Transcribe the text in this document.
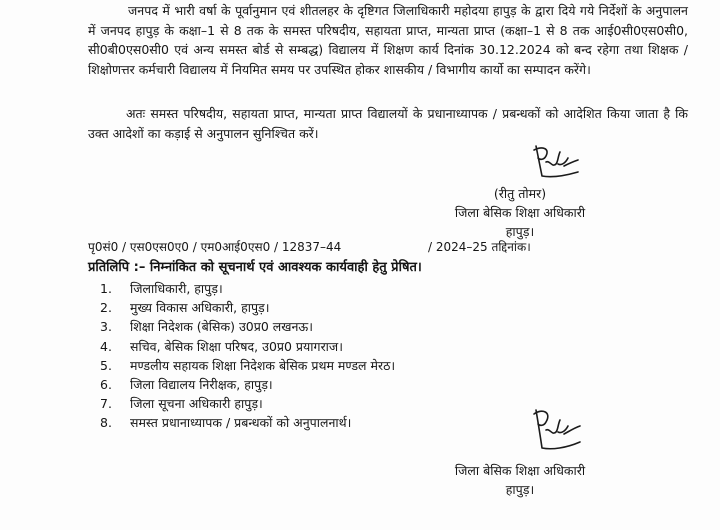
जनपद में भारी वर्षा के पूर्वानुमान एवं शीतलहर के दृष्टिगत जिलाधिकारी महोदया हापुड़ के द्वारा दिये गये निर्देशों के अनुपालन में जनपद हापुड़ के कक्षा–1 से 8 तक के समस्त परिषदीय, सहायता प्राप्त, मान्यता प्राप्त (कक्षा–1 से 8 तक आई0सी0एस0सी0, सी0बी0एस0सी0 एवं अन्य समस्त बोर्ड से सम्बद्ध) विद्यालय में शिक्षण कार्य दिनांक 30.12.2024 को बन्द रहेगा तथा शिक्षक / शिक्षोणत्तर कर्मचारी विद्यालय में नियमित समय पर उपस्थित होकर शासकीय / विभागीय कार्यो का सम्पादन करेंगे।

अतः समस्त परिषदीय, सहायता प्राप्त, मान्यता प्राप्त विद्यालयों के प्रधानाध्यापक / प्रबन्धकों को आदेशित किया जाता है कि उक्त आदेशों का कड़ाई से अनुपालन सुनिश्चित करें।

(रीतु तोमर)
जिला बेसिक शिक्षा अधिकारी
हापुड़।
पृ0सं0 / एस0एस0ए0 / एम0आई0एस0 / 12837–44	/ 2024–25 तद्दिनांक।
प्रतिलिपि :– निम्नांकित को सूचनार्थ एवं आवश्यक कार्यवाही हेतु प्रेषित।
1. जिलाधिकारी, हापुड़।
2. मुख्य विकास अधिकारी, हापुड़।
3. शिक्षा निदेशक (बेसिक) उ0प्र0 लखनऊ।
4. सचिव, बेसिक शिक्षा परिषद, उ0प्र0 प्रयागराज।
5. मण्डलीय सहायक शिक्षा निदेशक बेसिक प्रथम मण्डल मेरठ।
6. जिला विद्यालय निरीक्षक, हापुड़।
7. जिला सूचना अधिकारी हापुड़।
8. समस्त प्रधानाध्यापक / प्रबन्धकों को अनुपालनार्थ।
जिला बेसिक शिक्षा अधिकारी
हापुड़।
